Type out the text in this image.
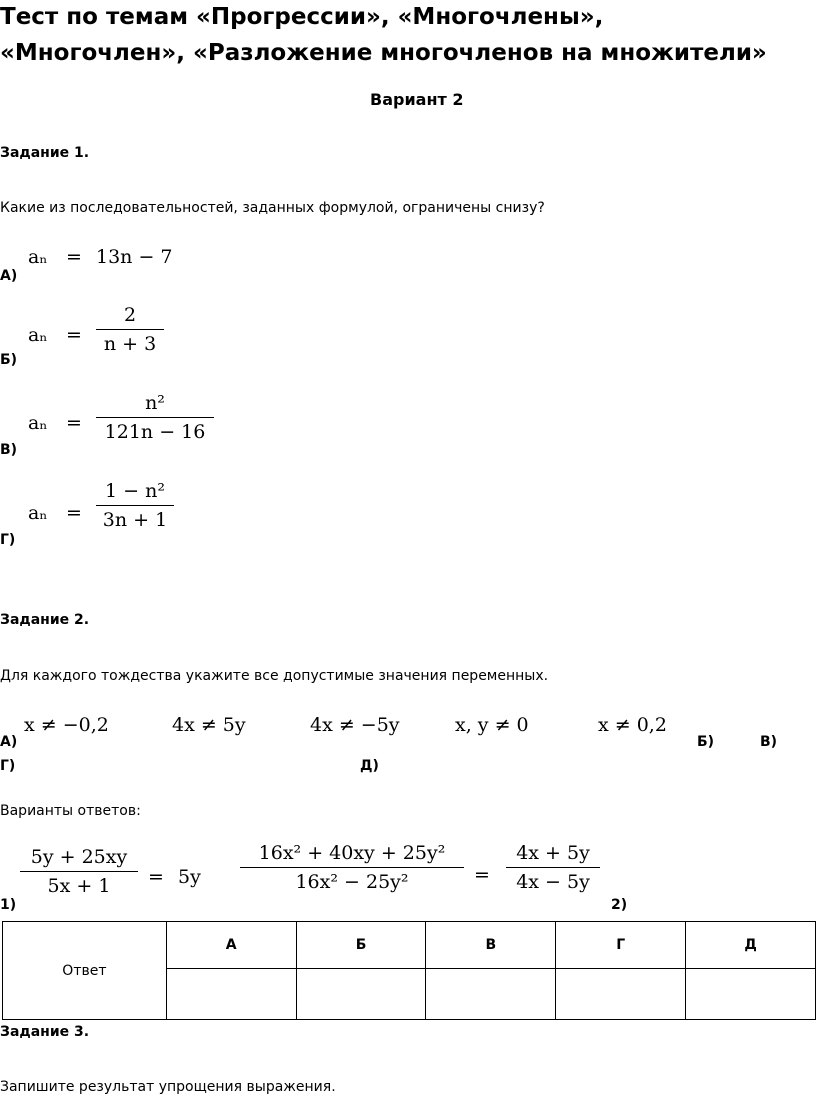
Тест по темам «Прогрессии», «Многочлены»,
«Многочлен», «Разложение многочленов на множители»
Вариант 2
Задание 1.
Какие из последовательностей, заданных формулой, ограничены снизу?
А)
aₙ = 13n − 7
Б)
aₙ =
2
n + 3
В)
aₙ =
n²
121n − 16
Г)
aₙ =
1 − n²
3n + 1
Задание 2.
Для каждого тождества укажите все допустимые значения переменных.
x ≠ −0,2	4x ≠ 5y	4x ≠ −5y	x, y ≠ 0	x ≠ 0,2
А)	Б)	В)
Г)	Д)
Варианты ответов:
1)
5y + 25xy
5x + 1	= 5y
16x² + 40xy + 25y²
16x² − 25y²	=
4x + 5y
4x − 5y
2)
Ответ	А	Б	В	Г	Д

Задание 3.
Запишите результат упрощения выражения.
